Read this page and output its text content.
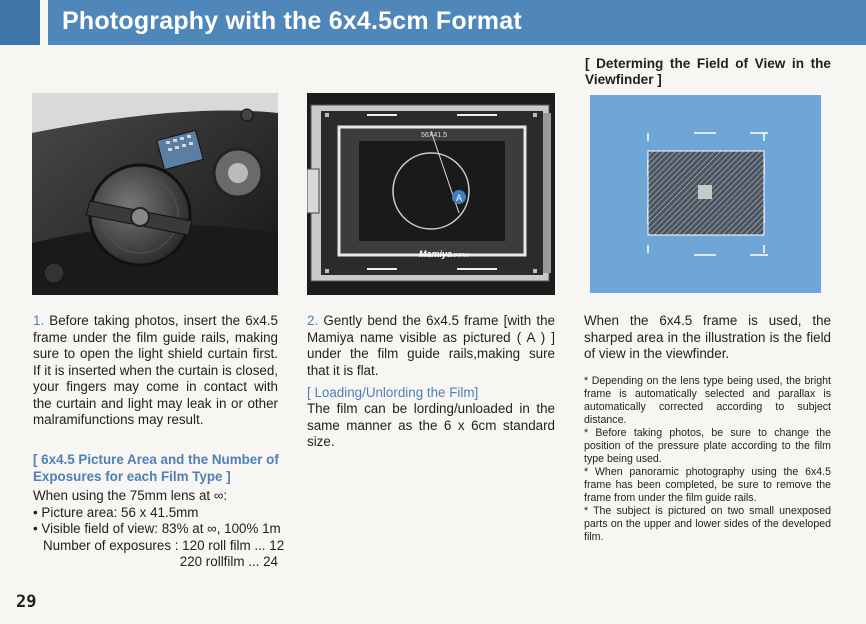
Photography with the 6x4.5cm Format
A
56X41.5
Mamiya JAPAN
1. Before taking photos, insert the 6x4.5 frame under the film guide rails, making sure to open the light shield curtain first. If it is inserted when the curtain is closed, your fingers may come in contact with the curtain and light may leak in or other malramifunctions may result.
[ 6x4.5 Picture Area and the Number of Exposures for each Film Type ]
When using the 75mm lens at ∞:
• Picture area: 56 x 41.5mm
• Visible field of view: 83% at ∞, 100% 1m
Number of exposures : 120 roll film ... 12
220 rollfilm ... 24
2. Gently bend the 6x4.5 frame [with the Mamiya name visible as pictured ( A ) ] under the film guide rails,making sure that it is flat.
[ Loading/Unlording the Film]
The film can be lording/unloaded in the same manner as the 6 x 6cm standard size.
[ Determing the Field of View in the Viewfinder ]
When the 6x4.5 frame is used, the sharped area in the illustration is the field of view in the viewfinder.

* Depending on the lens type being used, the bright frame is automatically selected and parallax is automatically corrected according to subject distance.

* Before taking photos, be sure to change the position of the pressure plate according to the film type being used.

* When panoramic photography using the 6x4.5 frame has been completed, be sure to remove the frame from under the film guide rails.

* The subject is pictured on two small unexposed parts on the upper and lower sides of the developed film.

29
